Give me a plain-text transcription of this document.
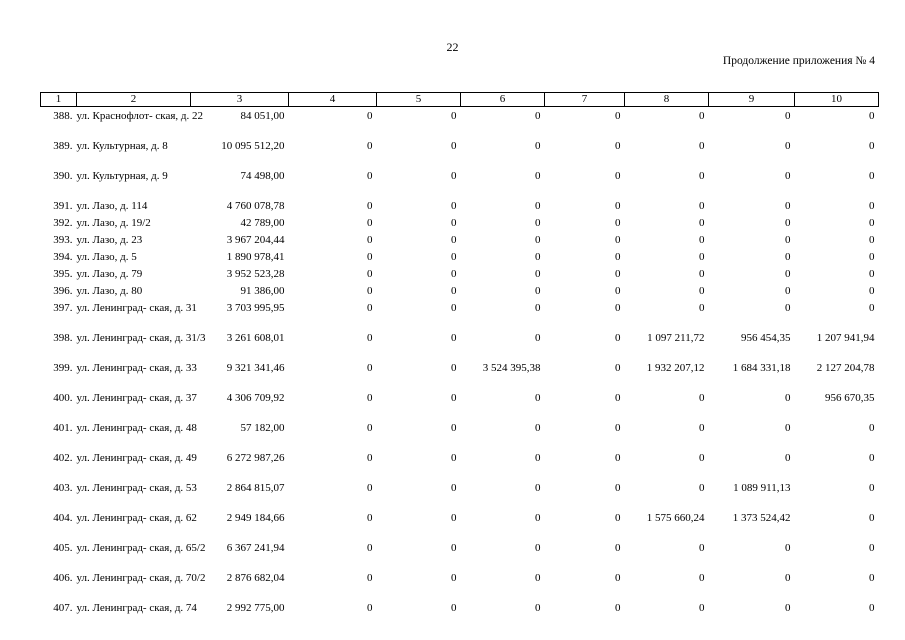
22
Продолжение приложения № 4
1	2	3	4	5	6	7	8	9	10

388.	ул. Краснофлот- ская, д. 22	84 051,00	0	0	0	0	0	0	0
389.	ул. Культурная, д. 8	10 095 512,20	0	0	0	0	0	0	0
390.	ул. Культурная, д. 9	74 498,00	0	0	0	0	0	0	0
391.	ул. Лазо, д. 114	4 760 078,78	0	0	0	0	0	0	0
392.	ул. Лазо, д. 19/2	42 789,00	0	0	0	0	0	0	0
393.	ул. Лазо, д. 23	3 967 204,44	0	0	0	0	0	0	0
394.	ул. Лазо, д. 5	1 890 978,41	0	0	0	0	0	0	0
395.	ул. Лазо, д. 79	3 952 523,28	0	0	0	0	0	0	0
396.	ул. Лазо, д. 80	91 386,00	0	0	0	0	0	0	0
397.	ул. Ленинград- ская, д. 31	3 703 995,95	0	0	0	0	0	0	0
398.	ул. Ленинград- ская, д. 31/3	3 261 608,01	0	0	0	0	1 097 211,72	956 454,35	1 207 941,94
399.	ул. Ленинград- ская, д. 33	9 321 341,46	0	0	3 524 395,38	0	1 932 207,12	1 684 331,18	2 127 204,78
400.	ул. Ленинград- ская, д. 37	4 306 709,92	0	0	0	0	0	0	956 670,35
401.	ул. Ленинград- ская, д. 48	57 182,00	0	0	0	0	0	0	0
402.	ул. Ленинград- ская, д. 49	6 272 987,26	0	0	0	0	0	0	0
403.	ул. Ленинград- ская, д. 53	2 864 815,07	0	0	0	0	0	1 089 911,13	0
404.	ул. Ленинград- ская, д. 62	2 949 184,66	0	0	0	0	1 575 660,24	1 373 524,42	0
405.	ул. Ленинград- ская, д. 65/2	6 367 241,94	0	0	0	0	0	0	0
406.	ул. Ленинград- ская, д. 70/2	2 876 682,04	0	0	0	0	0	0	0
407.	ул. Ленинград- ская, д. 74	2 992 775,00	0	0	0	0	0	0	0
